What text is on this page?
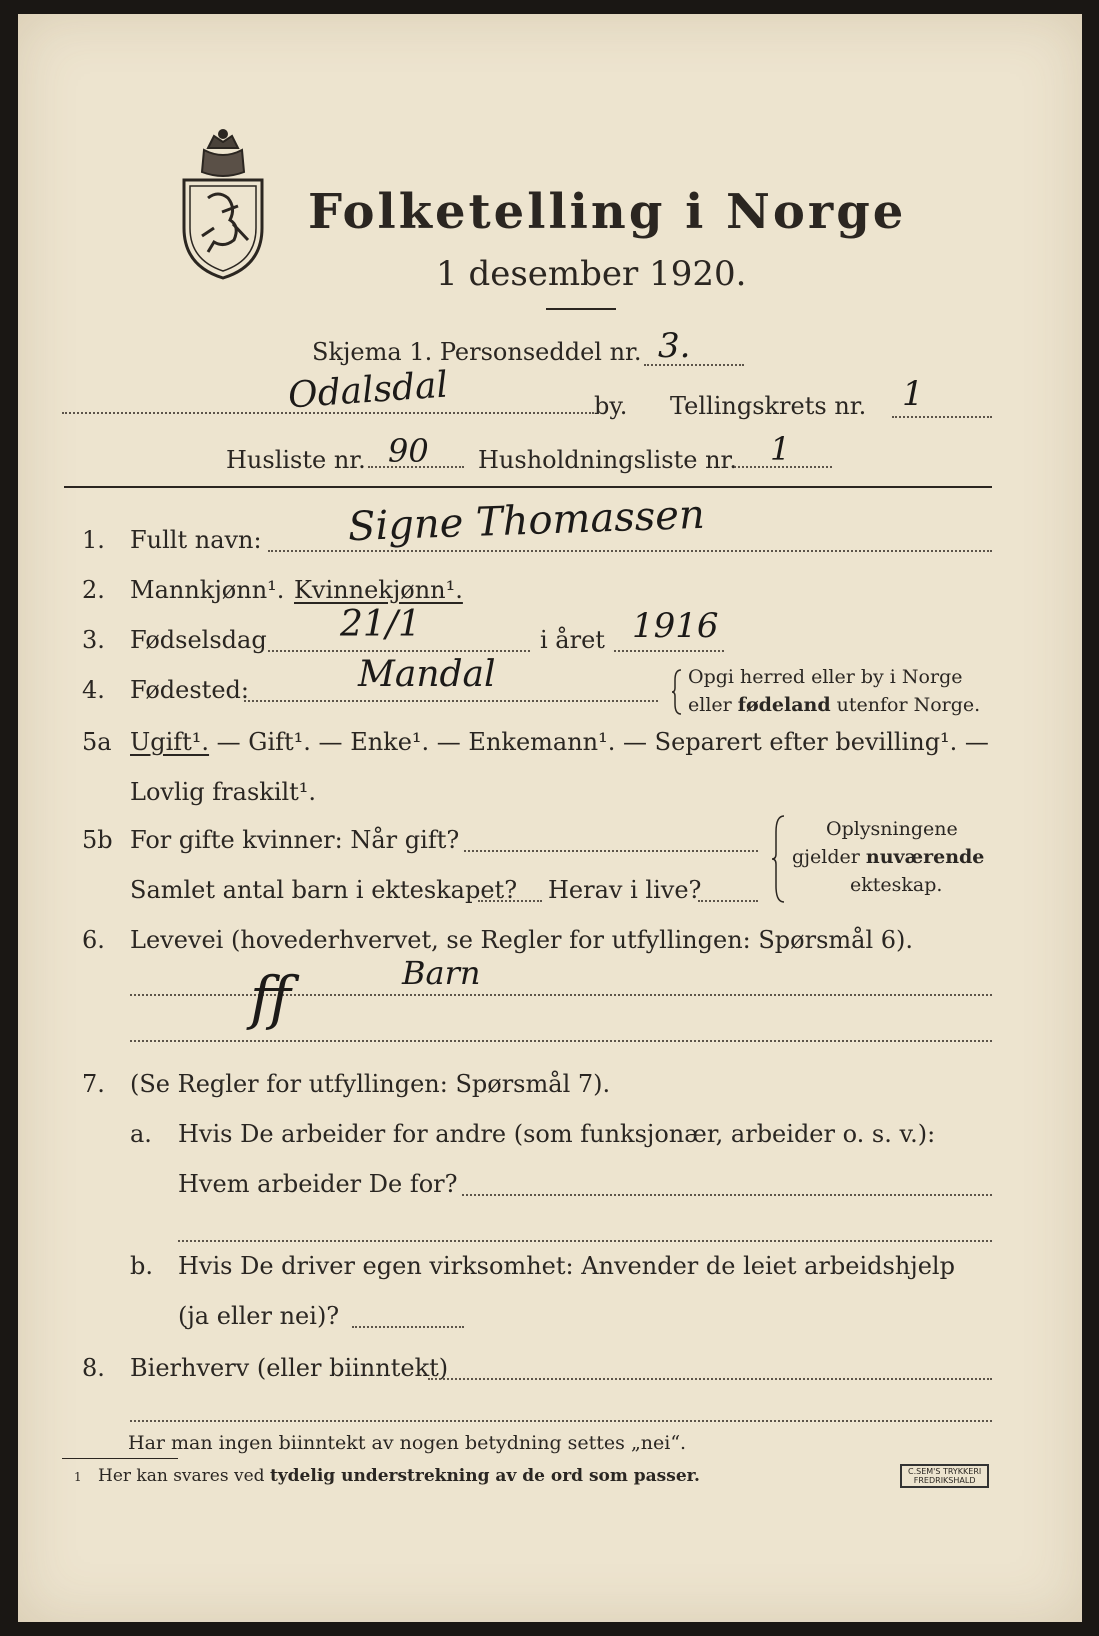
Folketelling i Norge
1 desember 1920.
Skjema 1. Personseddel nr. 3.
Odalsdal	by. Tellingskrets nr. 1
Husliste nr. 90 Husholdningsliste nr. 1
1. Fullt navn: Signe Thomassen
2. Mannkjønn¹. Kvinnekjønn¹.
3. Fødselsdag 21/1	i året 1916
4. Fødested:	Mandal	Opgi herred eller by i Norge
eller fødeland utenfor Norge.
5a Ugift¹. — Gift¹. — Enke¹. — Enkemann¹. — Separert efter bevilling¹. —
Lovlig fraskilt¹.
5b For gifte kvinner: Når gift?
Samlet antal barn i ekteskapet? Herav i live?
Oplysningene
gjelder nuværende
ekteskap.
6. Levevei (hovederhvervet, se Regler for utfyllingen: Spørsmål 6).
ff	Barn
7. (Se Regler for utfyllingen: Spørsmål 7).
a. Hvis De arbeider for andre (som funksjonær, arbeider o. s. v.):
Hvem arbeider De for?
b. Hvis De driver egen virksomhet: Anvender de leiet arbeidshjelp
(ja eller nei)?
8. Bierhverv (eller biinntekt)
Har man ingen biinntekt av nogen betydning settes „nei“.
1 Her kan svares ved tydelig understrekning av de ord som passer.	C.SEM'S TRYKKERI
FREDRIKSHALD
